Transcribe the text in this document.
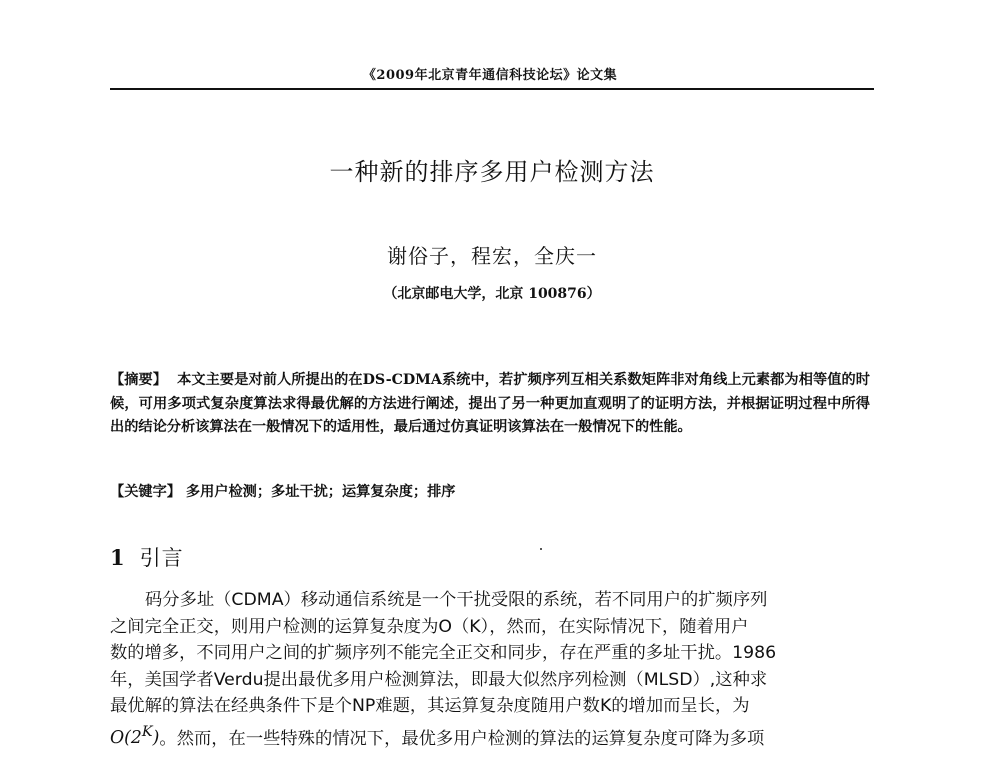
《2009年北京青年通信科技论坛》论文集
一种新的排序多用户检测方法
谢俗子，程宏，全庆一
（北京邮电大学，北京 100876）
【摘要】 本文主要是对前人所提出的在DS-CDMA系统中，若扩频序列互相关系数矩阵非对角线上元素都为相等值的时候，可用多项式复杂度算法求得最优解的方法进行阐述，提出了另一种更加直观明了的证明方法，并根据证明过程中所得出的结论分析该算法在一般情况下的适用性，最后通过仿真证明该算法在一般情况下的性能。
【关键字】 多用户检测；多址干扰；运算复杂度；排序
1 引言

码分多址（CDMA）移动通信系统是一个干扰受限的系统，若不同用户的扩频序列

之间完全正交，则用户检测的运算复杂度为O（K），然而，在实际情况下，随着用户
数的增多，不同用户之间的扩频序列不能完全正交和同步，存在严重的多址干扰。1986
年，美国学者Verdu提出最优多用户检测算法，即最大似然序列检测（MLSD）,这种求
最优解的算法在经典条件下是个NP难题，其运算复杂度随用户数K的增加而呈长，为
$O(2^K)$。然而，在一些特殊的情况下，最优多用户检测的算法的运算复杂度可降为多项
